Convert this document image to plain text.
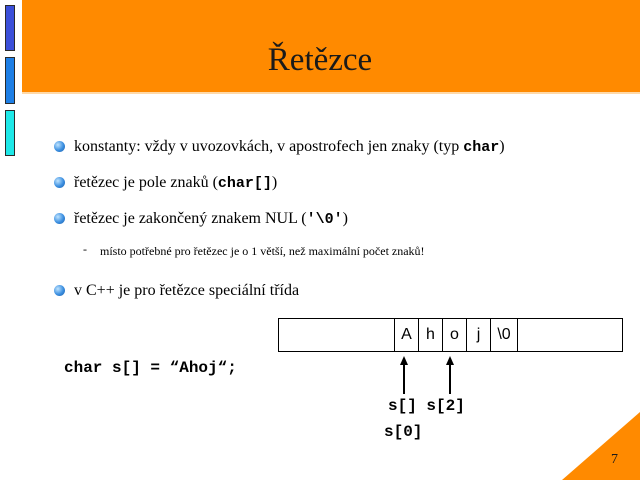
Řetězce
konstanty: vždy v uvozovkách, v apostrofech jen znaky (typ char)
řetězec je pole znaků (char[])
řetězec je zakončený znakem NUL ('\0')
- místo potřebné pro řetězec je o 1 větší, než maximální počet znaků!
v C++ je pro řetězce speciální třída
A h o	j	\0
char s[] = “Ahoj“;
s[] s[2]
s[0]
7
